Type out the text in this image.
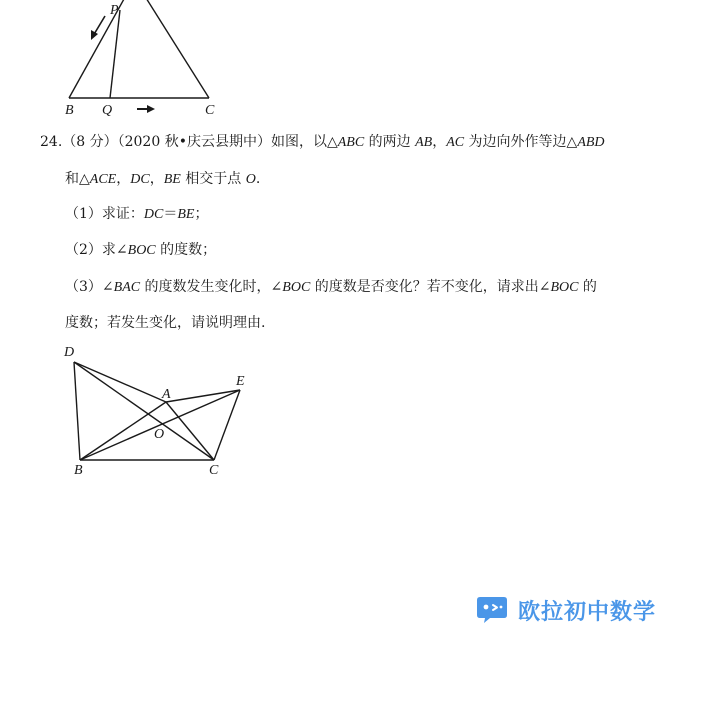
P
B Q	C
24.（8 分）（2020 秋•庆云县期中）如图，以△ABC 的两边 AB，AC 为边向外作等边△ABD
和△ACE，DC，BE 相交于点 O.
（1）求证：DC＝BE；
（2）求∠BOC 的度数；
（3）∠BAC 的度数发生变化时，∠BOC 的度数是否变化？若不变化，请求出∠BOC 的
度数；若发生变化，请说明理由.
D
A
E
O
B	C
欧拉初中数学
